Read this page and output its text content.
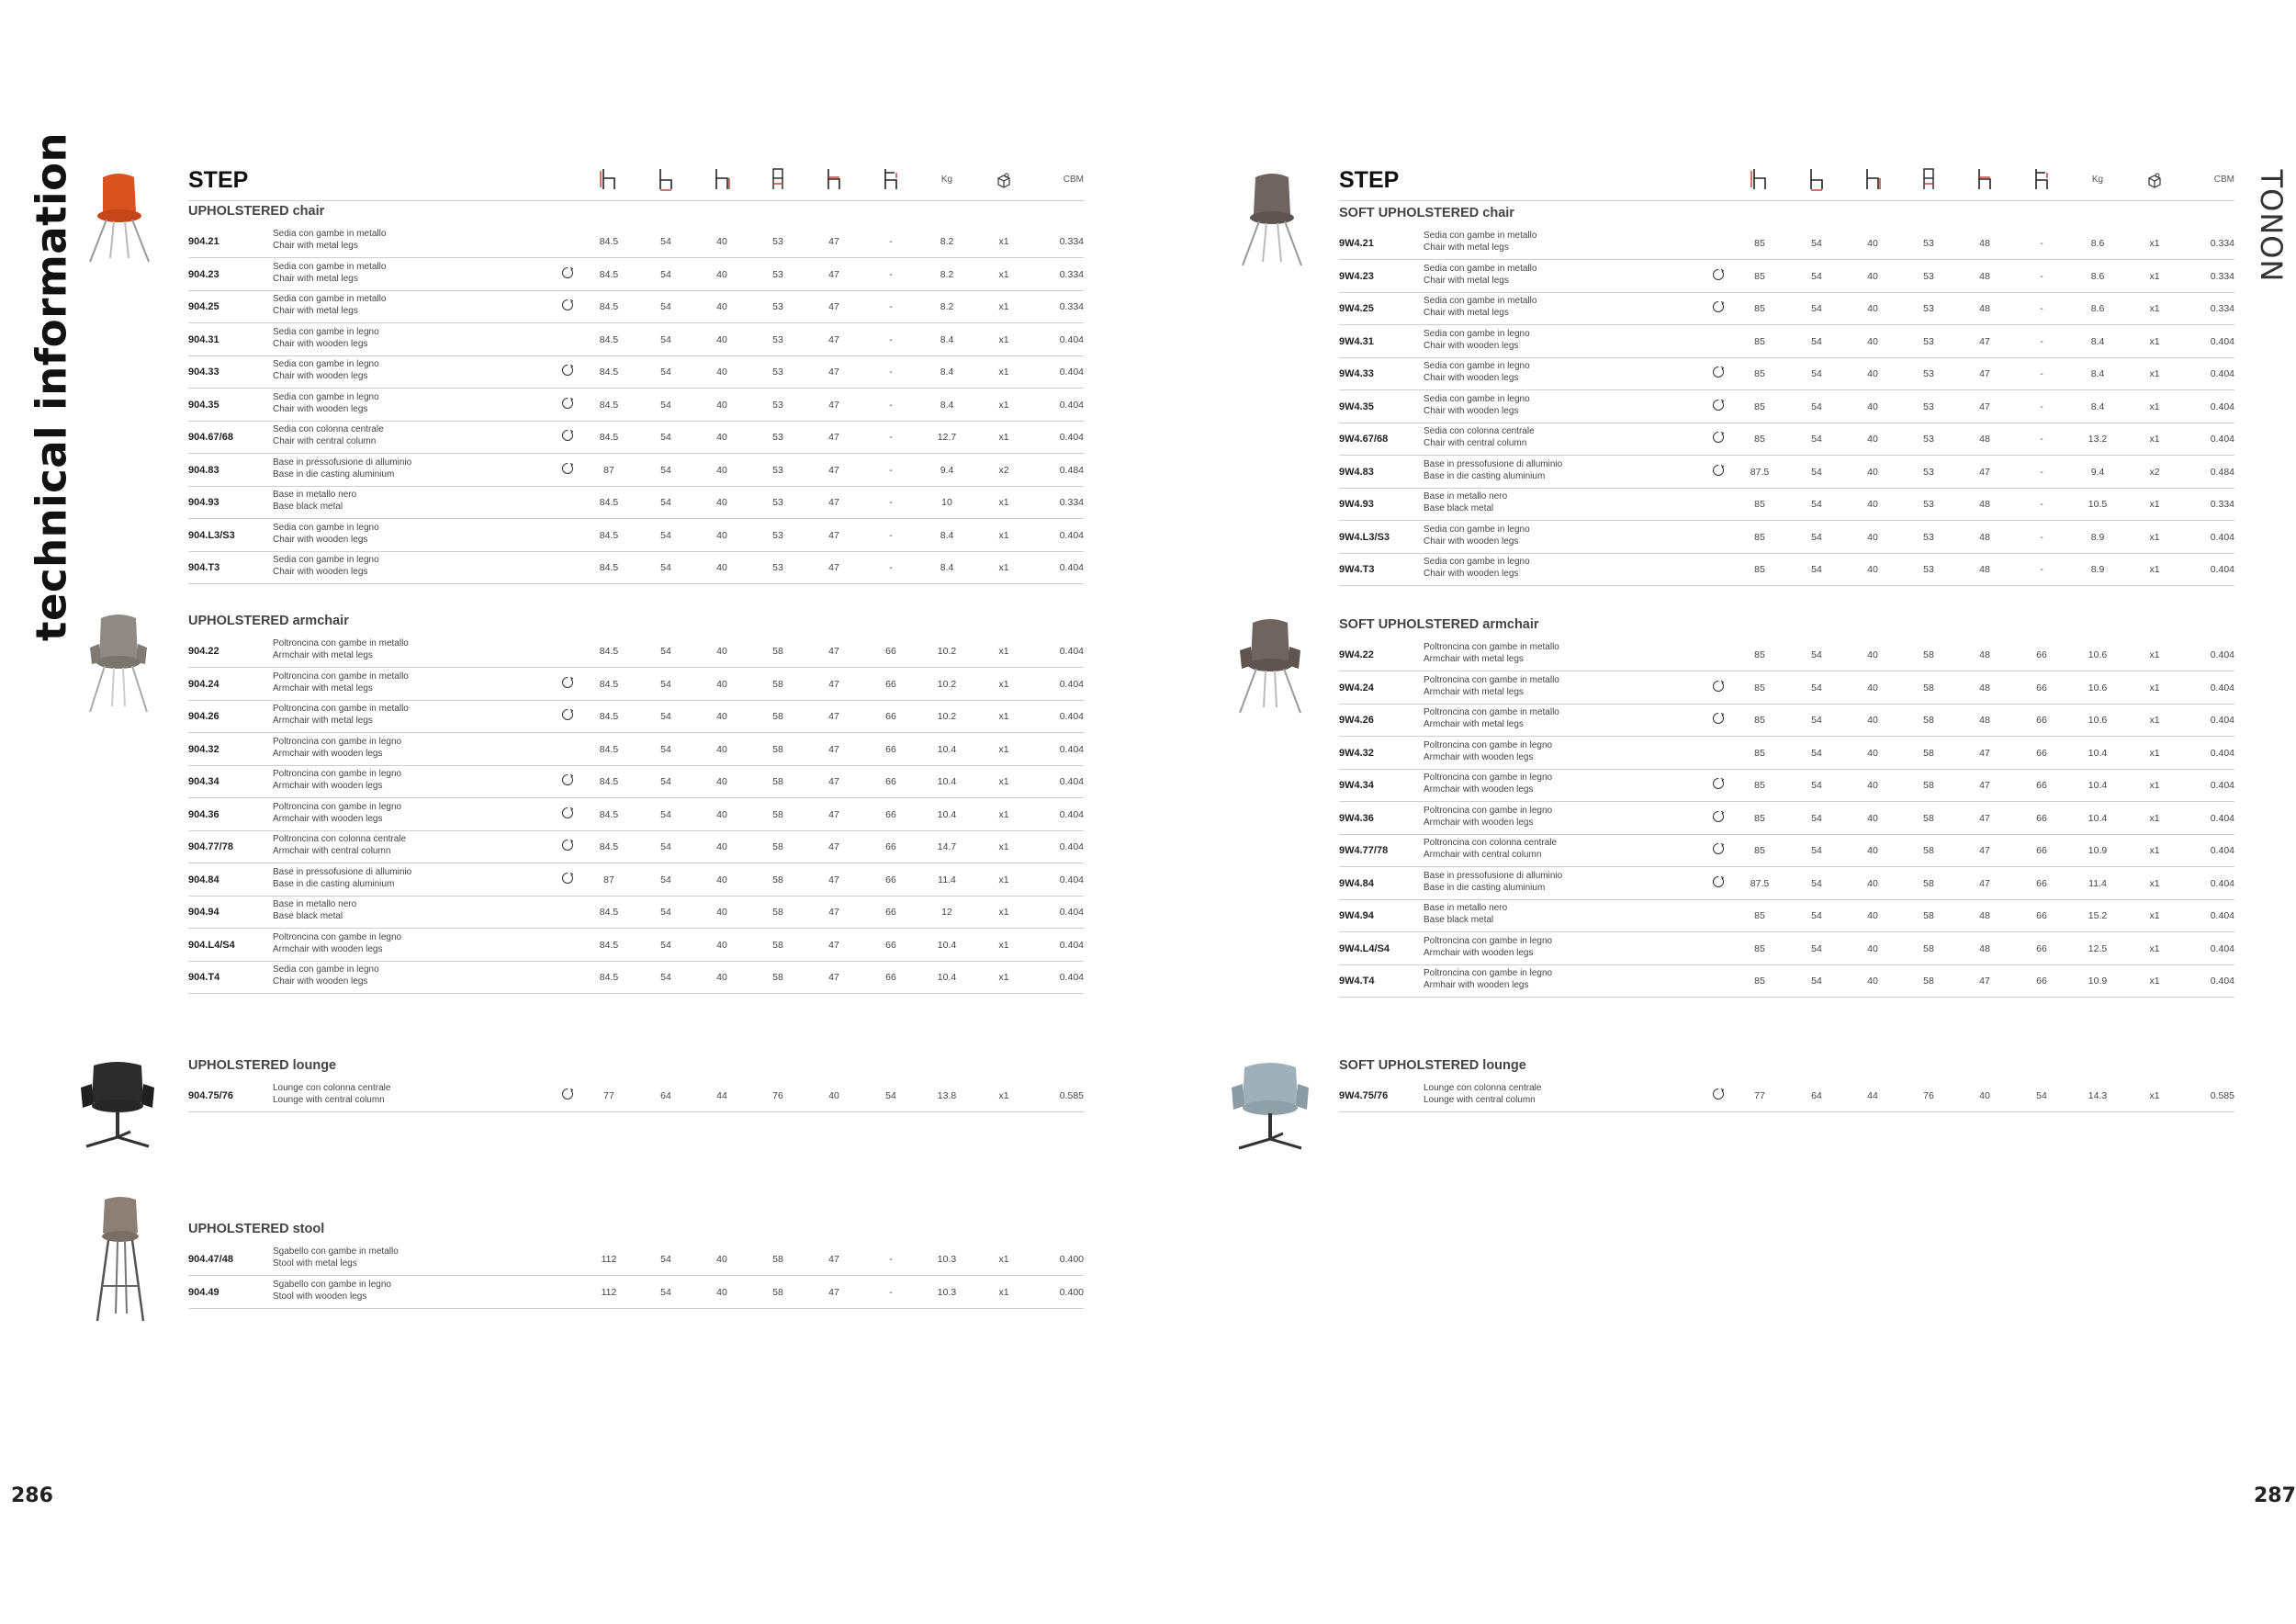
technical information	TONON
286	287
STEP	Kg	CBM
UPHOLSTERED chair
904.21
Sedia con gambe in metallo
Chair with metal legs	84.5	54	40	53	47	-	8.2	x1	0.334
904.23
Sedia con gambe in metallo
Chair with metal legs	84.5	54	40	53	47	-	8.2	x1	0.334
904.25
Sedia con gambe in metallo
Chair with metal legs	84.5	54	40	53	47	-	8.2	x1	0.334
904.31
Sedia con gambe in legno
Chair with wooden legs	84.5	54	40	53	47	-	8.4	x1	0.404
904.33
Sedia con gambe in legno
Chair with wooden legs	84.5	54	40	53	47	-	8.4	x1	0.404
904.35
Sedia con gambe in legno
Chair with wooden legs	84.5	54	40	53	47	-	8.4	x1	0.404
904.67/68
Sedia con colonna centrale
Chair with central column	84.5	54	40	53	47	-	12.7	x1	0.404
904.83
Base in pressofusione di alluminio
Base in die casting aluminium	87	54	40	53	47	-	9.4	x2	0.484
904.93
Base in metallo nero
Base black metal	84.5	54	40	53	47	-	10	x1	0.334
904.L3/S3
Sedia con gambe in legno
Chair with wooden legs	84.5	54	40	53	47	-	8.4	x1	0.404
904.T3
Sedia con gambe in legno
Chair with wooden legs	84.5	54	40	53	47	-	8.4	x1	0.404
UPHOLSTERED armchair
904.22
Poltroncina con gambe in metallo
Armchair with metal legs	84.5	54	40	58	47	66	10.2	x1	0.404
904.24
Poltroncina con gambe in metallo
Armchair with metal legs	84.5	54	40	58	47	66	10.2	x1	0.404
904.26
Poltroncina con gambe in metallo
Armchair with metal legs	84.5	54	40	58	47	66	10.2	x1	0.404
904.32
Poltroncina con gambe in legno
Armchair with wooden legs	84.5	54	40	58	47	66	10.4	x1	0.404
904.34
Poltroncina con gambe in legno
Armchair with wooden legs	84.5	54	40	58	47	66	10.4	x1	0.404
904.36
Poltroncina con gambe in legno
Armchair with wooden legs	84.5	54	40	58	47	66	10.4	x1	0.404
904.77/78
Poltroncina con colonna centrale
Armchair with central column	84.5	54	40	58	47	66	14.7	x1	0.404
904.84
Base in pressofusione di alluminio
Base in die casting aluminium	87	54	40	58	47	66	11.4	x1	0.404
904.94
Base in metallo nero
Base black metal	84.5	54	40	58	47	66	12	x1	0.404
904.L4/S4
Poltroncina con gambe in legno
Armchair with wooden legs	84.5	54	40	58	47	66	10.4	x1	0.404
904.T4
Sedia con gambe in legno
Chair with wooden legs	84.5	54	40	58	47	66	10.4	x1	0.404
UPHOLSTERED lounge
904.75/76
Lounge con colonna centrale
Lounge with central column	77	64	44	76	40	54	13.8	x1	0.585
UPHOLSTERED stool
904.47/48
Sgabello con gambe in metallo
Stool with metal legs	112	54	40	58	47	-	10.3	x1	0.400
904.49
Sgabello con gambe in legno
Stool with wooden legs	112	54	40	58	47	-	10.3	x1	0.400
STEP	Kg	CBM
SOFT UPHOLSTERED chair
9W4.21
Sedia con gambe in metallo
Chair with metal legs	85	54	40	53	48	-	8.6	x1	0.334
9W4.23
Sedia con gambe in metallo
Chair with metal legs	85	54	40	53	48	-	8.6	x1	0.334
9W4.25
Sedia con gambe in metallo
Chair with metal legs	85	54	40	53	48	-	8.6	x1	0.334
9W4.31
Sedia con gambe in legno
Chair with wooden legs	85	54	40	53	47	-	8.4	x1	0.404
9W4.33
Sedia con gambe in legno
Chair with wooden legs	85	54	40	53	47	-	8.4	x1	0.404
9W4.35
Sedia con gambe in legno
Chair with wooden legs	85	54	40	53	47	-	8.4	x1	0.404
9W4.67/68
Sedia con colonna centrale
Chair with central column	85	54	40	53	48	-	13.2	x1	0.404
9W4.83
Base in pressofusione di alluminio
Base in die casting aluminium	87.5	54	40	53	47	-	9.4	x2	0.484
9W4.93
Base in metallo nero
Base black metal	85	54	40	53	48	-	10.5	x1	0.334
9W4.L3/S3
Sedia con gambe in legno
Chair with wooden legs	85	54	40	53	48	-	8.9	x1	0.404
9W4.T3
Sedia con gambe in legno
Chair with wooden legs	85	54	40	53	48	-	8.9	x1	0.404
SOFT UPHOLSTERED armchair
9W4.22
Poltroncina con gambe in metallo
Armchair with metal legs	85	54	40	58	48	66	10.6	x1	0.404
9W4.24
Poltroncina con gambe in metallo
Armchair with metal legs	85	54	40	58	48	66	10.6	x1	0.404
9W4.26
Poltroncina con gambe in metallo
Armchair with metal legs	85	54	40	58	48	66	10.6	x1	0.404
9W4.32
Poltroncina con gambe in legno
Armchair with wooden legs	85	54	40	58	47	66	10.4	x1	0.404
9W4.34
Poltroncina con gambe in legno
Armchair with wooden legs	85	54	40	58	47	66	10.4	x1	0.404
9W4.36
Poltroncina con gambe in legno
Armchair with wooden legs	85	54	40	58	47	66	10.4	x1	0.404
9W4.77/78
Poltroncina con colonna centrale
Armchair with central column	85	54	40	58	47	66	10.9	x1	0.404
9W4.84
Base in pressofusione di alluminio
Base in die casting aluminium	87.5	54	40	58	47	66	11.4	x1	0.404
9W4.94
Base in metallo nero
Base black metal	85	54	40	58	48	66	15.2	x1	0.404
9W4.L4/S4
Poltroncina con gambe in legno
Armchair with wooden legs	85	54	40	58	48	66	12.5	x1	0.404
9W4.T4
Poltroncina con gambe in legno
Armhair with wooden legs	85	54	40	58	47	66	10.9	x1	0.404
SOFT UPHOLSTERED lounge
9W4.75/76
Lounge con colonna centrale
Lounge with central column	77	64	44	76	40	54	14.3	x1	0.585
